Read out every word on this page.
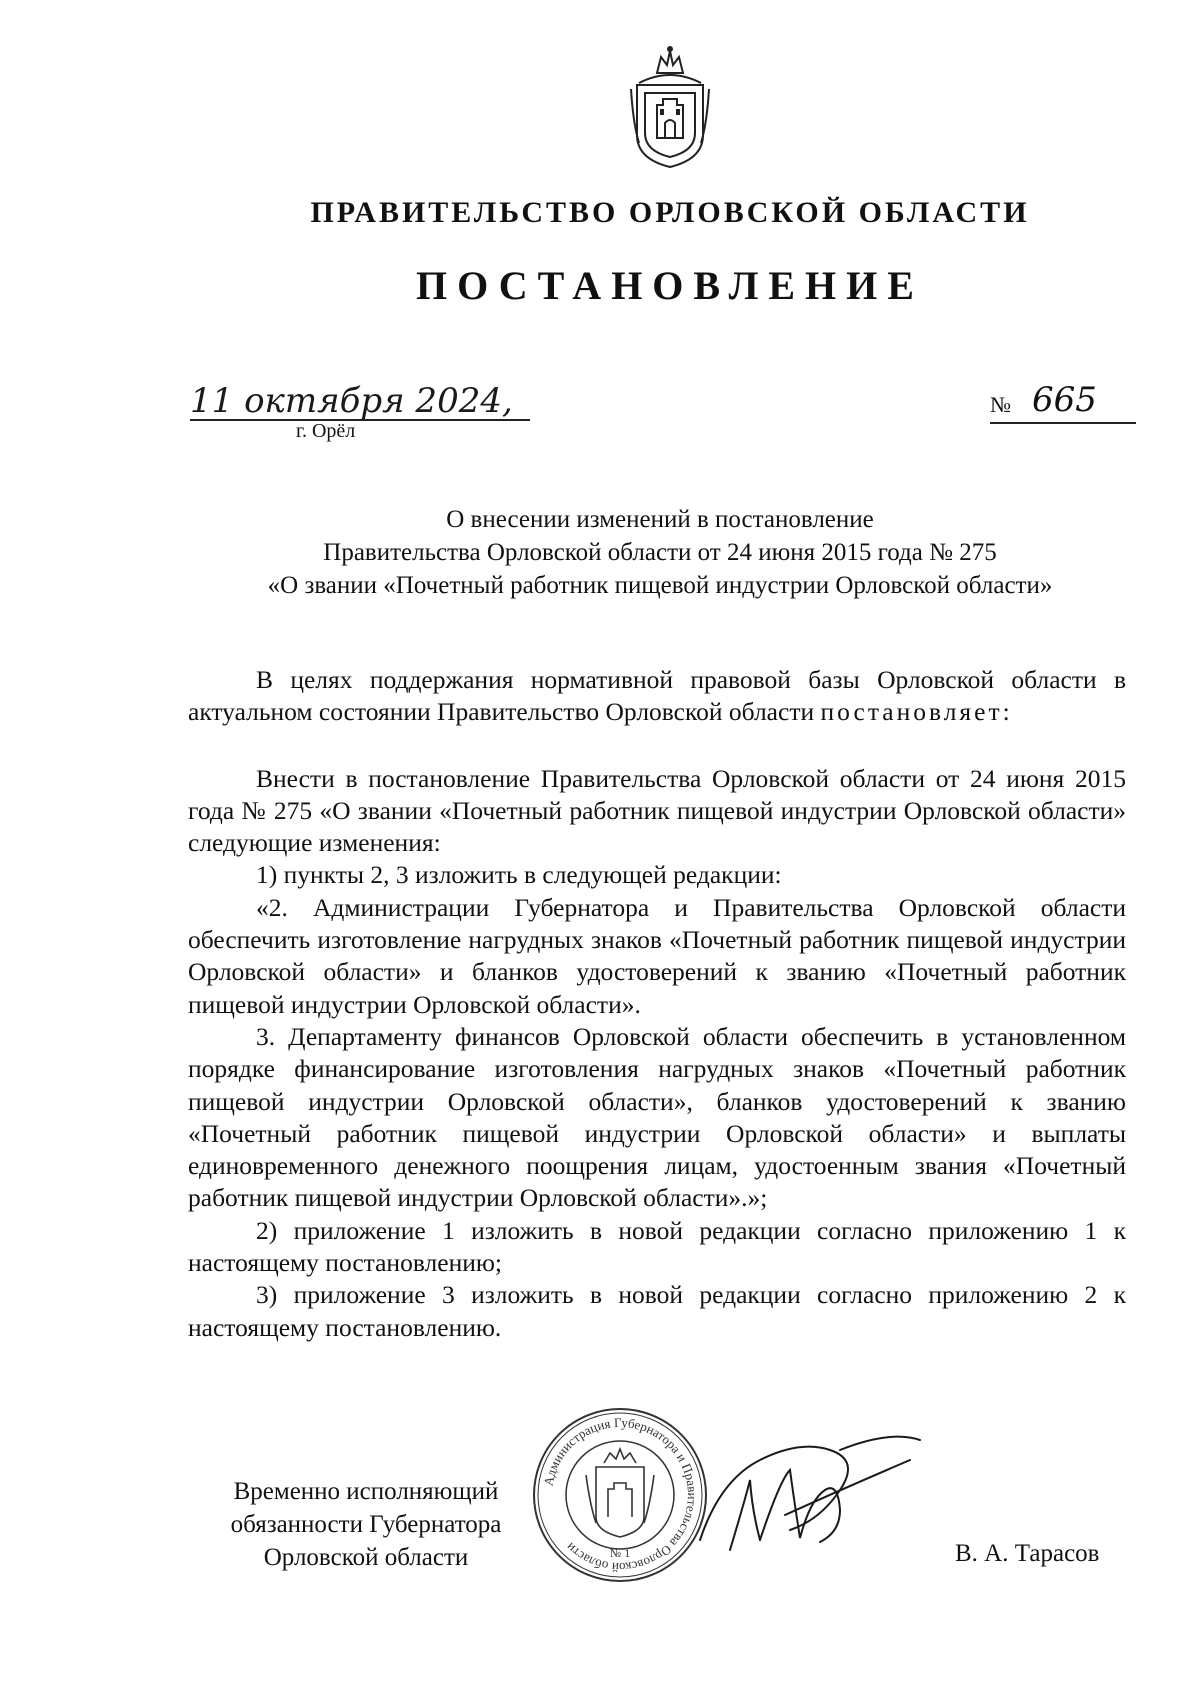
ПРАВИТЕЛЬСТВО ОРЛОВСКОЙ ОБЛАСТИ
ПОСТАНОВЛЕНИЕ
11 октября 2024,
г. Орёл
№ 665
О внесении изменений в постановление
Правительства Орловской области от 24 июня 2015 года № 275
«О звании «Почетный работник пищевой индустрии Орловской области»

В целях поддержания нормативной правовой базы Орловской области в актуальном состоянии Правительство Орловской области постановляет:

Внести в постановление Правительства Орловской области от 24 июня 2015 года № 275 «О звании «Почетный работник пищевой индустрии Орловской области» следующие изменения:

1) пункты 2, 3 изложить в следующей редакции:

«2. Администрации Губернатора и Правительства Орловской области обеспечить изготовление нагрудных знаков «Почетный работник пищевой индустрии Орловской области» и бланков удостоверений к званию «Почетный работник пищевой индустрии Орловской области».

3. Департаменту финансов Орловской области обеспечить в установленном порядке финансирование изготовления нагрудных знаков «Почетный работник пищевой индустрии Орловской области», бланков удостоверений к званию «Почетный работник пищевой индустрии Орловской области» и выплаты единовременного денежного поощрения лицам, удостоенным звания «Почетный работник пищевой индустрии Орловской области».»;

2) приложение 1 изложить в новой редакции согласно приложению 1 к настоящему постановлению;

3) приложение 3 изложить в новой редакции согласно приложению 2 к настоящему постановлению.

Временно исполняющий
обязанности Губернатора
Орловской области
Администрация Губернатора и Правительства Орловской области	№ 1	В. А. Тарасов
